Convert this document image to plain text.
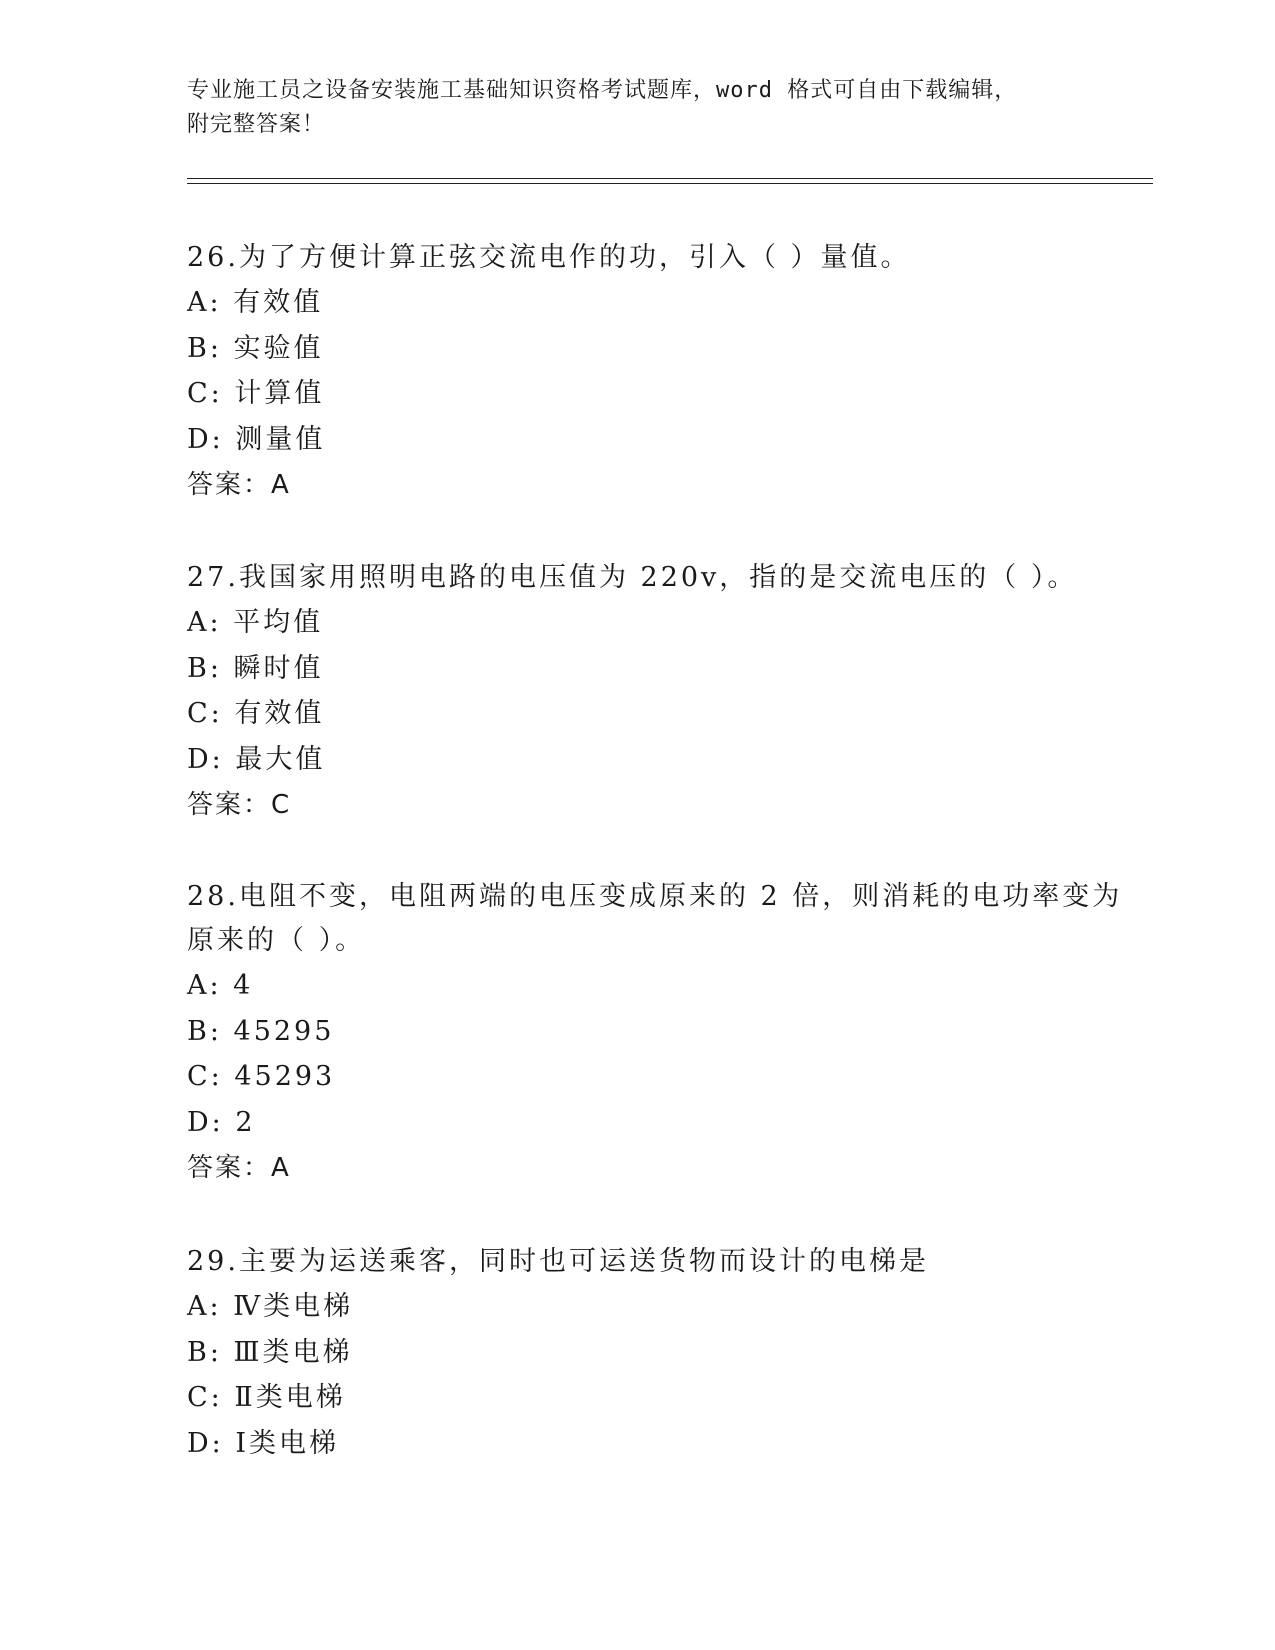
专业施工员之设备安装施工基础知识资格考试题库，word 格式可自由下载编辑，
附完整答案！
26.为了方便计算正弦交流电作的功，引入（ ）量值。
A: 有效值
B: 实验值
C: 计算值
D: 测量值
答案：A
27.我国家用照明电路的电压值为 220v，指的是交流电压的（ ）。
A: 平均值
B: 瞬时值
C: 有效值
D: 最大值
答案：C
28.电阻不变，电阻两端的电压变成原来的 2 倍，则消耗的电功率变为
原来的（ ）。
A: 4
B: 45295
C: 45293
D: 2
答案：A
29.主要为运送乘客，同时也可运送货物而设计的电梯是
A: Ⅳ类电梯
B: Ⅲ类电梯
C: Ⅱ类电梯
D: Ⅰ类电梯
